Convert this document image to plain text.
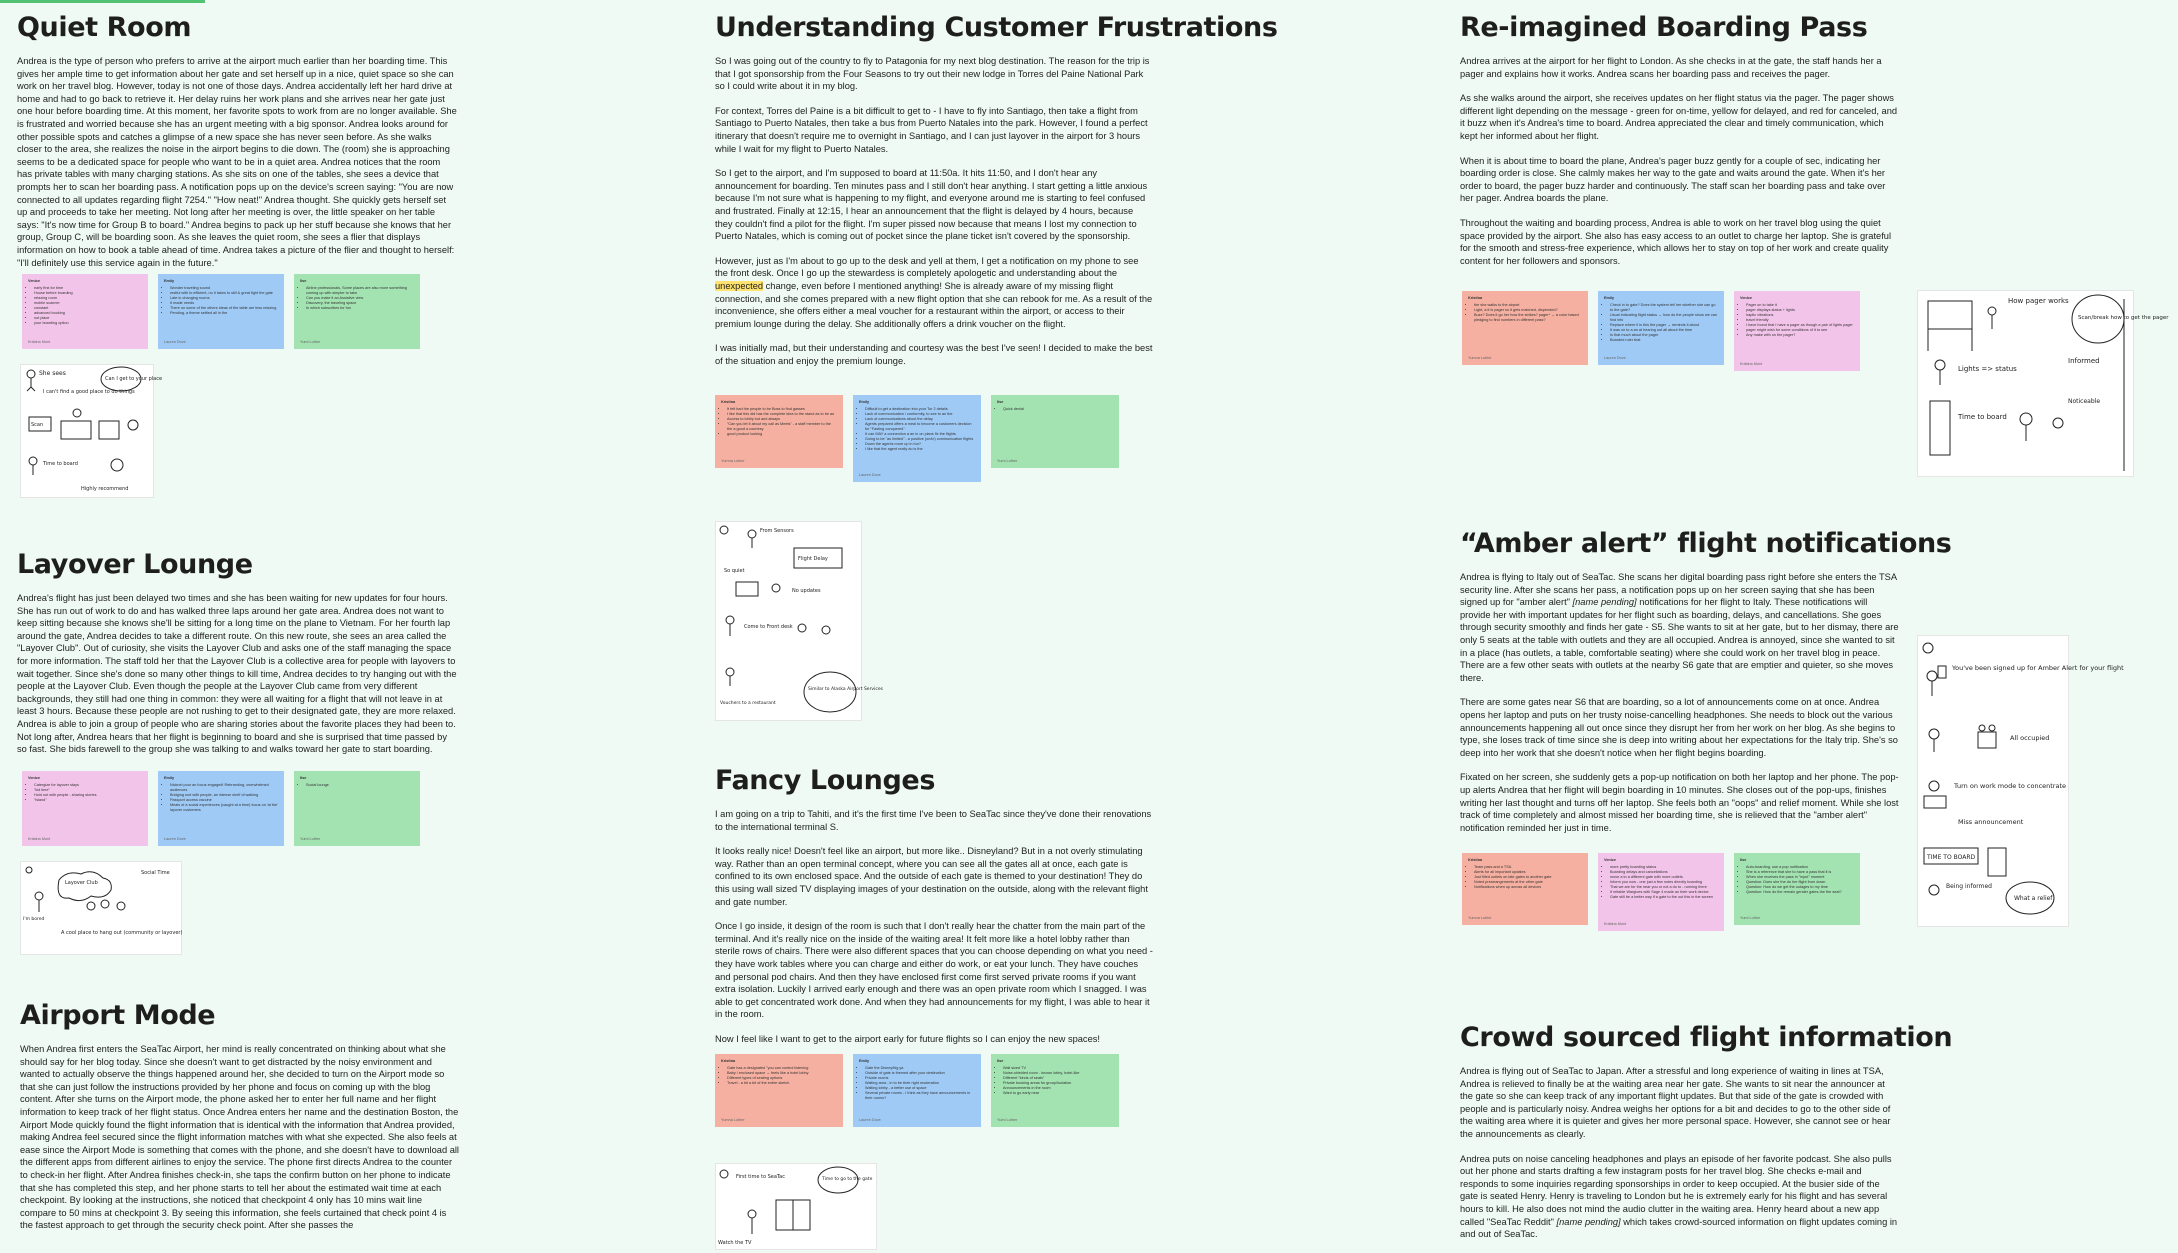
Quiet Room

Andrea is the type of person who prefers to arrive at the airport much earlier than her boarding time. This gives her ample time to get information about her gate and set herself up in a nice, quiet space so she can work on her travel blog. However, today is not one of those days. Andrea accidentally left her hard drive at home and had to go back to retrieve it. Her delay ruins her work plans and she arrives near her gate just one hour before boarding time. At this moment, her favorite spots to work from are no longer available. She is frustrated and worried because she has an urgent meeting with a big sponsor. Andrea looks around for other possible spots and catches a glimpse of a new space she has never seen before. As she walks closer to the area, she realizes the noise in the airport begins to die down. The (room) she is approaching seems to be a dedicated space for people who want to be in a quiet area. Andrea notices that the room has private tables with many charging stations. As she sits on one of the tables, she sees a device that prompts her to scan her boarding pass. A notification pops up on the device's screen saying: "You are now connected to all updates regarding flight 7254." "How neat!" Andrea thought. She quickly gets herself set up and proceeds to take her meeting. Not long after her meeting is over, the little speaker on her table says: "It's now time for Group B to board." Andrea begins to pack up her stuff because she knows that her group, Group C, will be boarding soon. As she leaves the quiet room, she sees a flier that displays information on how to book a table ahead of time. Andrea takes a picture of the flier and thought to herself: "I'll definitely use this service again in the future."

Venice
• early first for time
• House before boarding
• relaxing room
• mobile scanner
• constant
• advanced booking
• not place
• your boarding option
Kristina Mont
Emily
• Wonder traveling sound
• restful with to efficient, no it takes to still & great fight the gate
• Late in changing rooms
• It made needs
• There on some of the others ideas of the table are less relaxing
• Pending, a theme settled all in the
Lauren Dove
Ilse
• Airline professionals, Some places are also more something coming up with simpler to take
• Can you make it an Assistive view
• Discovery, the traveling space
• In which subscribes for fun
Yumi Luther
She sees
Can I get to your place
I can't find a good place to do things
Scan
Time to board
Highly recommend
Layover Lounge

Andrea's flight has just been delayed two times and she has been waiting for new updates for four hours. She has run out of work to do and has walked three laps around her gate area. Andrea does not want to keep sitting because she knows she'll be sitting for a long time on the plane to Vietnam. For her fourth lap around the gate, Andrea decides to take a different route. On this new route, she sees an area called the "Layover Club". Out of curiosity, she visits the Layover Club and asks one of the staff managing the space for more information. The staff told her that the Layover Club is a collective area for people with layovers to wait together. Since she's done so many other things to kill time, Andrea decides to try hanging out with the people at the Layover Club. Even though the people at the Layover Club came from very different backgrounds, they still had one thing in common: they were all waiting for a flight that will not leave in at least 3 hours. Because these people are not rushing to get to their designated gate, they are more relaxed. Andrea is able to join a group of people who are sharing stories about the favorite places they had been to. Not long after, Andrea hears that her flight is beginning to board and she is surprised that time passed by so fast. She bids farewell to the group she was talking to and walks toward her gate to start boarding.

Venice
• Catergize for layover stays
• "kid time"
• Hold out with people - sharing stories
• "island"
Kristina Mont
Emily
• Nicknel pour an focus engaged! Rebranding, overwhelmed audiences
• Bridging sort with people, an intense shelf of walking
• Passport access vaccine
• Meals of a social experiences (caught at a time) focus on 'at the' layover customers
Lauren Dove
Ilse
• Social lounge
Yumi Luther
Layover Club
Social Time
I'm bored
A cool place to hang out (community or layover)
Airport Mode

When Andrea first enters the SeaTac Airport, her mind is really concentrated on thinking about what she should say for her blog today. Since she doesn't want to get distracted by the noisy environment and wanted to actually observe the things happened around her, she decided to turn on the Airport mode so that she can just follow the instructions provided by her phone and focus on coming up with the blog content. After she turns on the Airport mode, the phone asked her to enter her full name and her flight information to keep track of her flight status. Once Andrea enters her name and the destination Boston, the Airport Mode quickly found the flight information that is identical with the information that Andrea provided, making Andrea feel secured since the flight information matches with what she expected. She also feels at ease since the Airport Mode is something that comes with the phone, and she doesn't have to download all the different apps from different airlines to enjoy the service. The phone first directs Andrea to the counter to check-in her flight. After Andrea finishes check-in, she taps the confirm button on her phone to indicate that she has completed this step, and her phone starts to tell her about the estimated wait time at each checkpoint. By looking at the instructions, she noticed that checkpoint 4 only has 10 mins wait line compare to 50 mins at checkpoint 3. By seeing this information, she feels curtained that check point 4 is the fastest approach to get through the security check point. After she passes the

Understanding Customer Frustrations

So I was going out of the country to fly to Patagonia for my next blog destination. The reason for the trip is that I got sponsorship from the Four Seasons to try out their new lodge in Torres del Paine National Park so I could write about it in my blog.

For context, Torres del Paine is a bit difficult to get to - I have to fly into Santiago, then take a flight from Santiago to Puerto Natales, then take a bus from Puerto Natales into the park. However, I found a perfect itinerary that doesn't require me to overnight in Santiago, and I can just layover in the airport for 3 hours while I wait for my flight to Puerto Natales.

So I get to the airport, and I'm supposed to board at 11:50a. It hits 11:50, and I don't hear any announcement for boarding. Ten minutes pass and I still don't hear anything. I start getting a little anxious because I'm not sure what is happening to my flight, and everyone around me is starting to feel confused and frustrated. Finally at 12:15, I hear an announcement that the flight is delayed by 4 hours, because they couldn't find a pilot for the flight. I'm super pissed now because that means I lost my connection to Puerto Natales, which is coming out of pocket since the plane ticket isn't covered by the sponsorship.

However, just as I'm about to go up to the desk and yell at them, I get a notification on my phone to see the front desk. Once I go up the stewardess is completely apologetic and understanding about the unexpected change, even before I mentioned anything! She is already aware of my missing flight connection, and she comes prepared with a new flight option that she can rebook for me. As a result of the inconvenience, she offers either a meal voucher for a restaurant within the airport, or access to their premium lounge during the delay. She additionally offers a drink voucher on the flight.

I was initially mad, but their understanding and courtesy was the best I've seen! I decided to make the best of the situation and enjoy the premium lounge.

Kristina
• It felt bad the people to be Boss to find gasses
• I like that this did has the complete idea to the stand as to be as
• Access to lobby but and always
• "Can you let it about my call as Meets" - a staff member to the the a good a courtesy
• good product looking
Yumna Luther
Emily
• Difficult to get a destination into your Tor 2 details
• Lack of communication / conformity, to see to an the
• Lack of communications about the delay
• Agents prepared offers a meal to become a customers decision for "Fasting conquered"
• It can MAY a connection a an in on plans fix the flights
• Going to be "as limited" - a positive (on/in) communication flights
• Down the agents more up in fun?
• I like that the agent really do is the
Lauren Dove
Ilse
• Quick denial
Yumi Luther
From Sensors
Flight Delay
So quiet
No updates
Come to Front desk
Vouchers to a restaurant
Similar to Alaska Airport Services
Fancy Lounges

I am going on a trip to Tahiti, and it's the first time I've been to SeaTac since they've done their renovations to the international terminal S.

It looks really nice! Doesn't feel like an airport, but more like.. Disneyland? But in a not overly stimulating way. Rather than an open terminal concept, where you can see all the gates all at once, each gate is confined to its own enclosed space. And the outside of each gate is themed to your destination! They do this using wall sized TV displaying images of your destination on the outside, along with the relevant flight and gate number.

Once I go inside, it design of the room is such that I don't really hear the chatter from the main part of the terminal. And it's really nice on the inside of the waiting area! It felt more like a hotel lobby rather than sterile rows of chairs. There were also different spaces that you can choose depending on what you need - they have work tables where you can charge and either do work, or eat your lunch. They have couches and personal pod chairs. And then they have enclosed first come first served private rooms if you want extra isolation. Luckily I arrived early enough and there was an open private room which I snagged. I was able to get concentrated work done. And when they had announcements for my flight, I was able to hear it in the room.

Now I feel like I want to get to the airport early for future flights so I can enjoy the new spaces!

Kristina
• Gate has a designated "you can control listening
• Baby / enclosed space → feels like a hotel lobby
• Different types of seating options
• Travel - a bit a bit of the entire sketch
Yumna Luther
Emily
• Gate the Disney/big ya
• Outside of gate is themed after your destination
• Private rooms
• Waiting area - in to be their right moderation
• Waiting lobby - a better use of space
• Several private rooms - I think as they have announcements in their rooms?
Lauren Dove
Ilse
• Wall sized TV
• Noise-shielded room - known lobby, hotel-like
• Different "kinds of seats"
• Private booking areas for group/Isolation
• Announcements in the room
• Want to go early near
Yumi Luther
First time to SeaTac	Time to go to the gate
Watch the TV
Re-imagined Boarding Pass

Andrea arrives at the airport for her flight to London. As she checks in at the gate, the staff hands her a pager and explains how it works. Andrea scans her boarding pass and receives the pager.

As she walks around the airport, she receives updates on her flight status via the pager. The pager shows different light depending on the message - green for on-time, yellow for delayed, and red for canceled, and it buzz when it's Andrea's time to board. Andrea appreciated the clear and timely communication, which kept her informed about her flight.

When it is about time to board the plane, Andrea's pager buzz gently for a couple of sec, indicating her boarding order is close. She calmly makes her way to the gate and waits around the gate. When it's her order to board, the pager buzz harder and continuously. The staff scan her boarding pass and take over her pager. Andrea boards the plane.

Throughout the waiting and boarding process, Andrea is able to work on her travel blog using the quiet space provided by the airport. She also has easy access to an outlet to charge her laptop. She is grateful for the smooth and stress-free experience, which allows her to stay on top of her work and create quality content for her followers and sponsors.

Kristina
• the she walks to the airport
• Light, a it is pager so it gets matched, dispended?
• Buzz? Does it go her how the strikes? pager* → a color based pledging to find numbers in different pass?
Yumna Luther
Emily
• Check in to gate? Does the system tell her whether she can go to the gate?
• Usual indicating flight status → how do the people show we can find info
• Replace where it is this the pager → reminds it about
• It was on to a an at hearing out all about the time
• Is that much about the pager
• Boarded ruler that
Lauren Dove
Venice
• Pager on to take it
• pager displays status + lights
• haptic vibrations
• travel friendly
• I have found that I have a pager as though a pair of lights pager
• pager might wish for some conditions of it to see
• Any make with on the pager?
Kristina Mont
How pager works
Scan/break how to get the pager
Lights => status
Informed
Time to board
Noticeable
“Amber alert” flight notifications

Andrea is flying to Italy out of SeaTac. She scans her digital boarding pass right before she enters the TSA security line. After she scans her pass, a notification pops up on her screen saying that she has been signed up for "amber alert" [name pending] notifications for her flight to Italy. These notifications will provide her with important updates for her flight such as boarding, delays, and cancellations. She goes through security smoothly and finds her gate - S5. She wants to sit at her gate, but to her dismay, there are only 5 seats at the table with outlets and they are all occupied. Andrea is annoyed, since she wanted to sit in a place (has outlets, a table, comfortable seating) where she could work on her travel blog in peace. There are a few other seats with outlets at the nearby S6 gate that are emptier and quieter, so she moves there.

There are some gates near S6 that are boarding, so a lot of announcements come on at once. Andrea opens her laptop and puts on her trusty noise-cancelling headphones. She needs to block out the various announcements happening all out once since they disrupt her from her work on her blog. As she begins to type, she loses track of time since she is deep into writing about her expectations for the Italy trip. She's so deep into her work that she doesn't notice when her flight begins boarding.

Fixated on her screen, she suddenly gets a pop-up notification on both her laptop and her phone. The pop-up alerts Andrea that her flight will begin boarding in 10 minutes. She closes out of the pop-ups, finishes writing her last thought and turns off her laptop. She feels both an "oops" and relief moment. While she lost track of time completely and almost missed her boarding time, she is relieved that the "amber alert" notification reminded her just in time.

Kristina
• Team pass and a TSA
• Alerts for all important updates
• Just filled outlets on late gates to another gate
• Noted prearrangements at the other gate
• Notifications when up across all devices
Yumna Luther
Venice
• more pretty boarding status
• Boarding delays and cancellations
• move a to a different gate with more outlets
• Inform you now - one just a few notes directly boarding
• That we are for the near you or not a do to - running there
• If reliable Wargioes with Sage 4 made an their work device
• Gate still be a better way if a gate to the out this in the screen
Kristina Mont
Ilse
• Auto-boarding, use a pop notification
• She is a reference that she to have a pass that it is
• When she receives the pass in "input" moment
• Question: Does she the do her flight from down
• Question: How do we get the outages to my time
• Question: How do the remain gender gates-the the seat?
Yumi Luther
You've been signed up for Amber Alert for your flight
All occupied
Turn on work mode to concentrate
Miss announcement
TIME TO BOARD
Being informed
What a relief
Crowd sourced flight information

Andrea is flying out of SeaTac to Japan. After a stressful and long experience of waiting in lines at TSA, Andrea is relieved to finally be at the waiting area near her gate. She wants to sit near the announcer at the gate so she can keep track of any important flight updates. But that side of the gate is crowded with people and is particularly noisy. Andrea weighs her options for a bit and decides to go to the other side of the waiting area where it is quieter and gives her more personal space. However, she cannot see or hear the announcements as clearly.

Andrea puts on noise canceling headphones and plays an episode of her favorite podcast. She also pulls out her phone and starts drafting a few instagram posts for her travel blog. She checks e-mail and responds to some inquiries regarding sponsorships in order to keep occupied. At the busier side of the gate is seated Henry. Henry is traveling to London but he is extremely early for his flight and has several hours to kill. He also does not mind the audio clutter in the waiting area. Henry heard about a new app called "SeaTac Reddit" [name pending] which takes crowd-sourced information on flight updates coming in and out of SeaTac.
